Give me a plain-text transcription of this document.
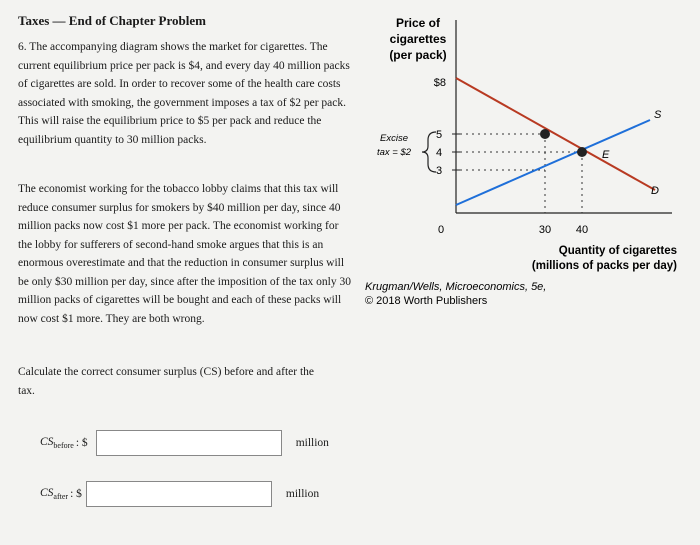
Taxes — End of Chapter Problem

6. The accompanying diagram shows the market for cigarettes. The current equilibrium price per pack is $4, and every day 40 million packs of cigarettes are sold. In order to recover some of the health care costs associated with smoking, the government imposes a tax of $2 per pack. This will raise the equilibrium price to $5 per pack and reduce the equilibrium quantity to 30 million packs.

The economist working for the tobacco lobby claims that this tax will reduce consumer surplus for smokers by $40 million per day, since 40 million packs now cost $1 more per pack. The economist working for the lobby for sufferers of second-hand smoke argues that this is an enormous overestimate and that the reduction in consumer surplus will be only $30 million per day, since after the imposition of the tax only 30 million packs of cigarettes will be bought and each of these packs will now cost $1 more. They are both wrong.

Calculate the correct consumer surplus (CS) before and after the tax.

$CS_{before}$ : $	million
$CS_{after}$ : $	million
Price of
cigarettes
(per pack)
$8
5
4
3
Excise
tax = $2	E
S
D
0	30 40
Quantity of cigarettes
(millions of packs per day)
Krugman/Wells, Microeconomics, 5e,
© 2018 Worth Publishers
